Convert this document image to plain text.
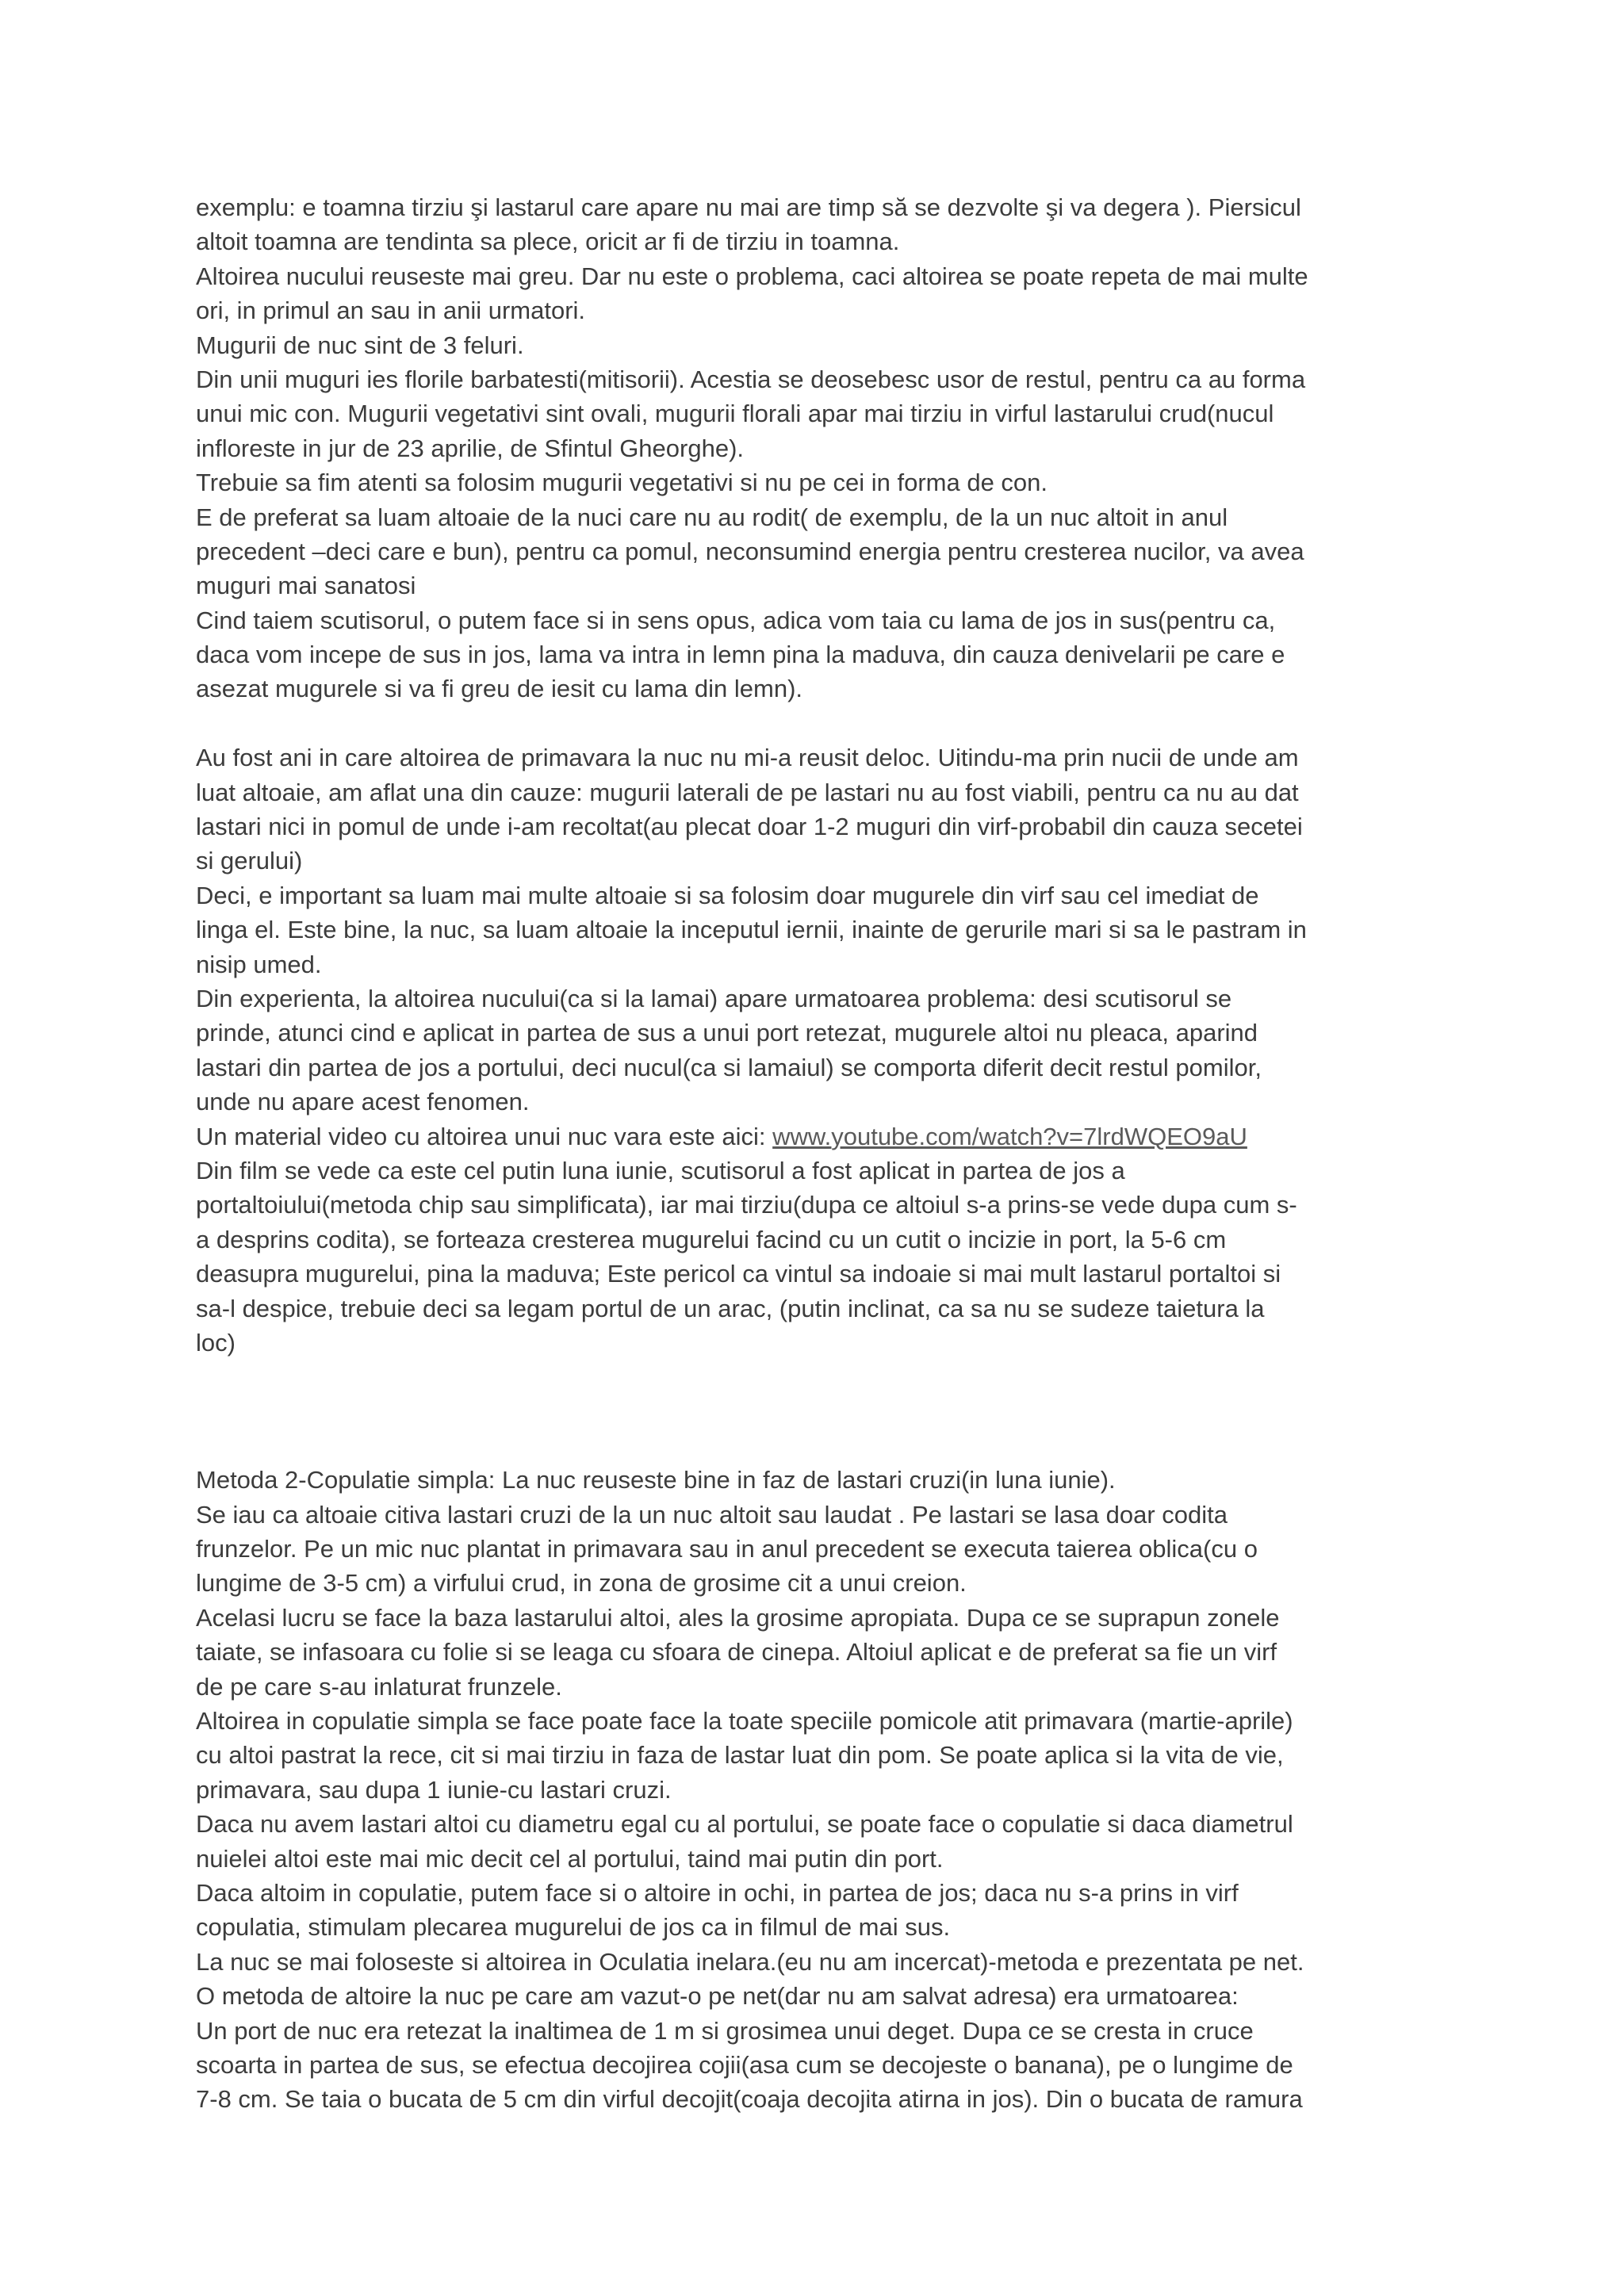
exemplu: e toamna tirziu şi lastarul care apare nu mai are timp să se dezvolte şi va degera ). Piersicul
altoit toamna are tendinta sa plece, oricit ar fi de tirziu in toamna.
Altoirea nucului reuseste mai greu. Dar nu este o problema, caci altoirea se poate repeta de mai multe
ori, in primul an sau in anii urmatori.
Mugurii de nuc sint de 3 feluri.
Din unii muguri ies florile barbatesti(mitisorii). Acestia se deosebesc usor de restul, pentru ca au forma
unui mic con. Mugurii vegetativi sint ovali, mugurii florali apar mai tirziu in virful lastarului crud(nucul
infloreste in jur de 23 aprilie, de Sfintul Gheorghe).
Trebuie sa fim atenti sa folosim mugurii vegetativi si nu pe cei in forma de con.
E de preferat sa luam altoaie de la nuci care nu au rodit( de exemplu, de la un nuc altoit in anul
precedent –deci care e bun), pentru ca pomul, neconsumind energia pentru cresterea nucilor, va avea
muguri mai sanatosi
Cind taiem scutisorul, o putem face si in sens opus, adica vom taia cu lama de jos in sus(pentru ca,
daca vom incepe de sus in jos, lama va intra in lemn pina la maduva, din cauza denivelarii pe care e
asezat mugurele si va fi greu de iesit cu lama din lemn).
Au fost ani in care altoirea de primavara la nuc nu mi-a reusit deloc. Uitindu-ma prin nucii de unde am
luat altoaie, am aflat una din cauze: mugurii laterali de pe lastari nu au fost viabili, pentru ca nu au dat
lastari nici in pomul de unde i-am recoltat(au plecat doar 1-2 muguri din virf-probabil din cauza secetei
si gerului)
Deci, e important sa luam mai multe altoaie si sa folosim doar mugurele din virf sau cel imediat de
linga el. Este bine, la nuc, sa luam altoaie la inceputul iernii, inainte de gerurile mari si sa le pastram in
nisip umed.
Din experienta, la altoirea nucului(ca si la lamai) apare urmatoarea problema: desi scutisorul se
prinde, atunci cind e aplicat in partea de sus a unui port retezat, mugurele altoi nu pleaca, aparind
lastari din partea de jos a portului, deci nucul(ca si lamaiul) se comporta diferit decit restul pomilor,
unde nu apare acest fenomen.
Un material video cu altoirea unui nuc vara este aici: www.youtube.com/watch?v=7lrdWQEO9aU
Din film se vede ca este cel putin luna iunie, scutisorul a fost aplicat in partea de jos a
portaltoiului(metoda chip sau simplificata), iar mai tirziu(dupa ce altoiul s-a prins-se vede dupa cum s-
a desprins codita), se forteaza cresterea mugurelui facind cu un cutit o incizie in port, la 5-6 cm
deasupra mugurelui, pina la maduva; Este pericol ca vintul sa indoaie si mai mult lastarul portaltoi si
sa-l despice, trebuie deci sa legam portul de un arac, (putin inclinat, ca sa nu se sudeze taietura la
loc)
Metoda 2-Copulatie simpla: La nuc reuseste bine in faz de lastari cruzi(in luna iunie).
Se iau ca altoaie citiva lastari cruzi de la un nuc altoit sau laudat . Pe lastari se lasa doar codita
frunzelor. Pe un mic nuc plantat in primavara sau in anul precedent se executa taierea oblica(cu o
lungime de 3-5 cm) a virfului crud, in zona de grosime cit a unui creion.
Acelasi lucru se face la baza lastarului altoi, ales la grosime apropiata. Dupa ce se suprapun zonele
taiate, se infasoara cu folie si se leaga cu sfoara de cinepa. Altoiul aplicat e de preferat sa fie un virf
de pe care s-au inlaturat frunzele.
Altoirea in copulatie simpla se face poate face la toate speciile pomicole atit primavara (martie-aprile)
cu altoi pastrat la rece, cit si mai tirziu in faza de lastar luat din pom. Se poate aplica si la vita de vie,
primavara, sau dupa 1 iunie-cu lastari cruzi.
Daca nu avem lastari altoi cu diametru egal cu al portului, se poate face o copulatie si daca diametrul
nuielei altoi este mai mic decit cel al portului, taind mai putin din port.
Daca altoim in copulatie, putem face si o altoire in ochi, in partea de jos; daca nu s-a prins in virf
copulatia, stimulam plecarea mugurelui de jos ca in filmul de mai sus.
La nuc se mai foloseste si altoirea in Oculatia inelara.(eu nu am incercat)-metoda e prezentata pe net.
O metoda de altoire la nuc pe care am vazut-o pe net(dar nu am salvat adresa) era urmatoarea:
Un port de nuc era retezat la inaltimea de 1 m si grosimea unui deget. Dupa ce se cresta in cruce
scoarta in partea de sus, se efectua decojirea cojii(asa cum se decojeste o banana), pe o lungime de
7-8 cm. Se taia o bucata de 5 cm din virful decojit(coaja decojita atirna in jos). Din o bucata de ramura
